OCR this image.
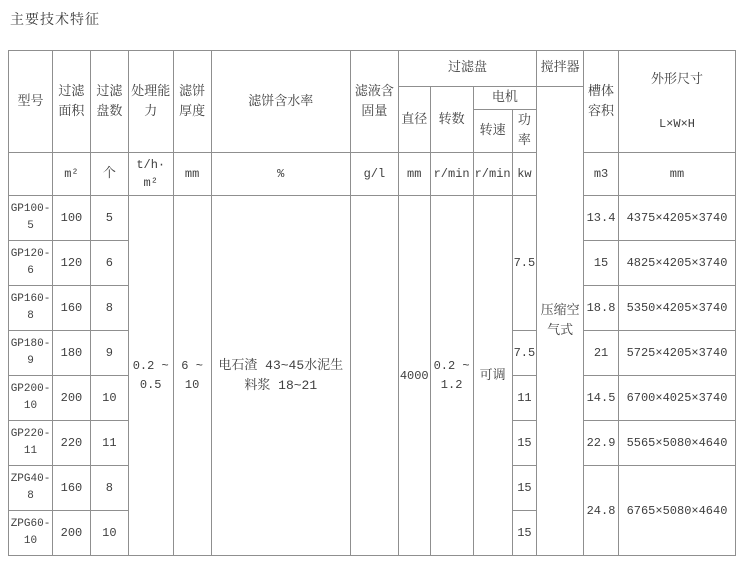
主要技术特征
型号	过滤面积	过滤盘数	处理能力	滤饼厚度	滤饼含水率	滤液含固量	过滤盘				搅拌器	槽体容积	外形尺寸
L×W×H

							直径	转数	电机		压缩空气式		
									转速	功率			
	m²	个	t/h· m²	mm	%	g/l	mm	r/min	r/min	kw		m3	mm
GP100-5	100	5	0.2 ~ 0.5	6 ~ 10	电石渣 43~45水泥生料浆 18~21		4000	0.2 ~ 1.2	可调	7.5		13.4	4375×4205×3740
GP120-6	120	6										15	4825×4205×3740
GP160-8	160	8										18.8	5350×4205×3740
GP180-9	180	9								7.5		21	5725×4205×3740
GP200-10	200	10								11		14.5	6700×4025×3740
GP220-11	220	11								15		22.9	5565×5080×4640
ZPG40-8	160	8								15		24.8	6765×5080×4640
ZPG60-10	200	10								15			
